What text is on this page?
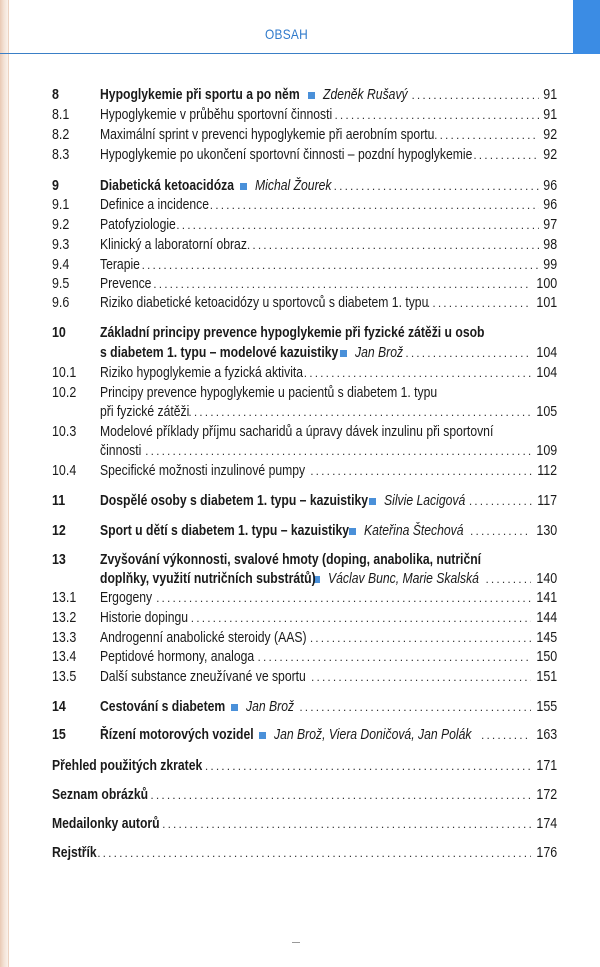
OBSAH
8	Hypoglykemie při sportu a po něm Zdeněk Rušavý . . .	91
8.1	Hypoglykemie v průběhu sportovní činnosti . . .	91
8.2	Maximální sprint v prevenci hypoglykemie při aerobním sportu . . .	92
8.3	Hypoglykemie po ukončení sportovní činnosti – pozdní hypoglykemie . . .	92
9	Diabetická ketoacidóza Michal Žourek . . .	96
9.1	Definice a incidence . . .	96
9.2	Patofyziologie . . .	97
9.3	Klinický a laboratorní obraz . . .	98
9.4	Terapie . . .	99
9.5	Prevence . . .	100
9.6	Riziko diabetické ketoacidózy u sportovců s diabetem 1. typu . . .	101
10	Základní principy prevence hypoglykemie při fyzické zátěži u osob
s diabetem 1. typu – modelové kazuistiky Jan Brož . . .	104
10.1	Riziko hypoglykemie a fyzická aktivita . . .	104
10.2	Principy prevence hypoglykemie u pacientů s diabetem 1. typu
při fyzické zátěži . . .	105
10.3	Modelové příklady příjmu sacharidů a úpravy dávek inzulinu při sportovní
činnosti . . .	109
10.4	Specifické možnosti inzulinové pumpy . . .	112
11	Dospělé osoby s diabetem 1. typu – kazuistiky Silvie Lacigová . . .	117
12	Sport u dětí s diabetem 1. typu – kazuistiky Kateřina Štechová . . .	130
13	Zvyšování výkonnosti, svalové hmoty (doping, anabolika, nutriční
doplňky, využití nutričních substrátů) Václav Bunc, Marie Skalská . . .	140
13.1	Ergogeny . . .	141
13.2	Historie dopingu . . .	144
13.3	Androgenní anabolické steroidy (AAS) . . .	145
13.4	Peptidové hormony, analoga . . .	150
13.5	Další substance zneužívané ve sportu . . .	151
14	Cestování s diabetem Jan Brož . . .	155
15	Řízení motorových vozidel Jan Brož, Viera Doničová, Jan Polák . . .	163
Přehled použitých zkratek . . .	171
Seznam obrázků . . .	172
Medailonky autorů . . .	174
Rejstřík . . .	176
